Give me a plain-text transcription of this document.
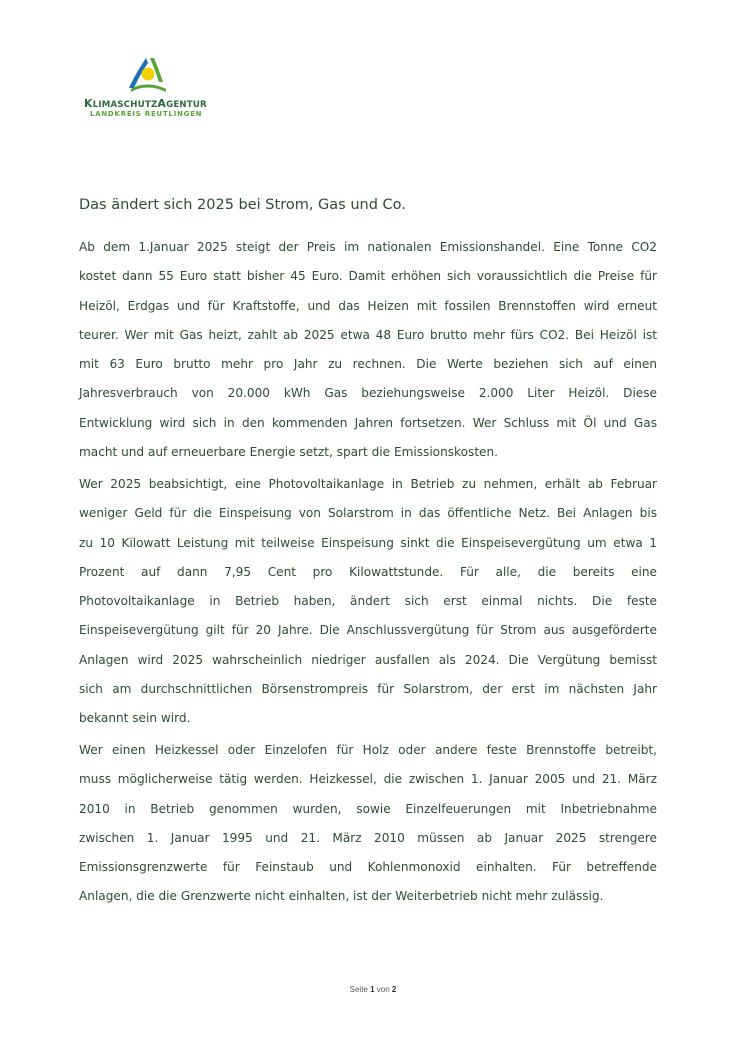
KLIMASCHUTZAGENTUR
LANDKREIS REUTLINGEN
Das ändert sich 2025 bei Strom, Gas und Co.

Ab dem 1.Januar 2025 steigt der Preis im nationalen Emissionshandel. Eine Tonne CO2
kostet dann 55 Euro statt bisher 45 Euro. Damit erhöhen sich voraussichtlich die Preise für
Heizöl, Erdgas und für Kraftstoffe, und das Heizen mit fossilen Brennstoffen wird erneut
teurer. Wer mit Gas heizt, zahlt ab 2025 etwa 48 Euro brutto mehr fürs CO2. Bei Heizöl ist
mit 63 Euro brutto mehr pro Jahr zu rechnen. Die Werte beziehen sich auf einen
Jahresverbrauch von 20.000 kWh Gas beziehungsweise 2.000 Liter Heizöl. Diese
Entwicklung wird sich in den kommenden Jahren fortsetzen. Wer Schluss mit Öl und Gas
macht und auf erneuerbare Energie setzt, spart die Emissionskosten.

Wer 2025 beabsichtigt, eine Photovoltaikanlage in Betrieb zu nehmen, erhält ab Februar
weniger Geld für die Einspeisung von Solarstrom in das öffentliche Netz. Bei Anlagen bis
zu 10 Kilowatt Leistung mit teilweise Einspeisung sinkt die Einspeisevergütung um etwa 1
Prozent auf dann 7,95 Cent pro Kilowattstunde. Für alle, die bereits eine
Photovoltaikanlage in Betrieb haben, ändert sich erst einmal nichts. Die feste
Einspeisevergütung gilt für 20 Jahre. Die Anschlussvergütung für Strom aus ausgeförderte
Anlagen wird 2025 wahrscheinlich niedriger ausfallen als 2024. Die Vergütung bemisst
sich am durchschnittlichen Börsenstrompreis für Solarstrom, der erst im nächsten Jahr
bekannt sein wird.

Wer einen Heizkessel oder Einzelofen für Holz oder andere feste Brennstoffe betreibt,
muss möglicherweise tätig werden. Heizkessel, die zwischen 1. Januar 2005 und 21. März
2010 in Betrieb genommen wurden, sowie Einzelfeuerungen mit Inbetriebnahme
zwischen 1. Januar 1995 und 21. März 2010 müssen ab Januar 2025 strengere
Emissionsgrenzwerte für Feinstaub und Kohlenmonoxid einhalten. Für betreffende
Anlagen, die die Grenzwerte nicht einhalten, ist der Weiterbetrieb nicht mehr zulässig.

Seite 1 von 2
